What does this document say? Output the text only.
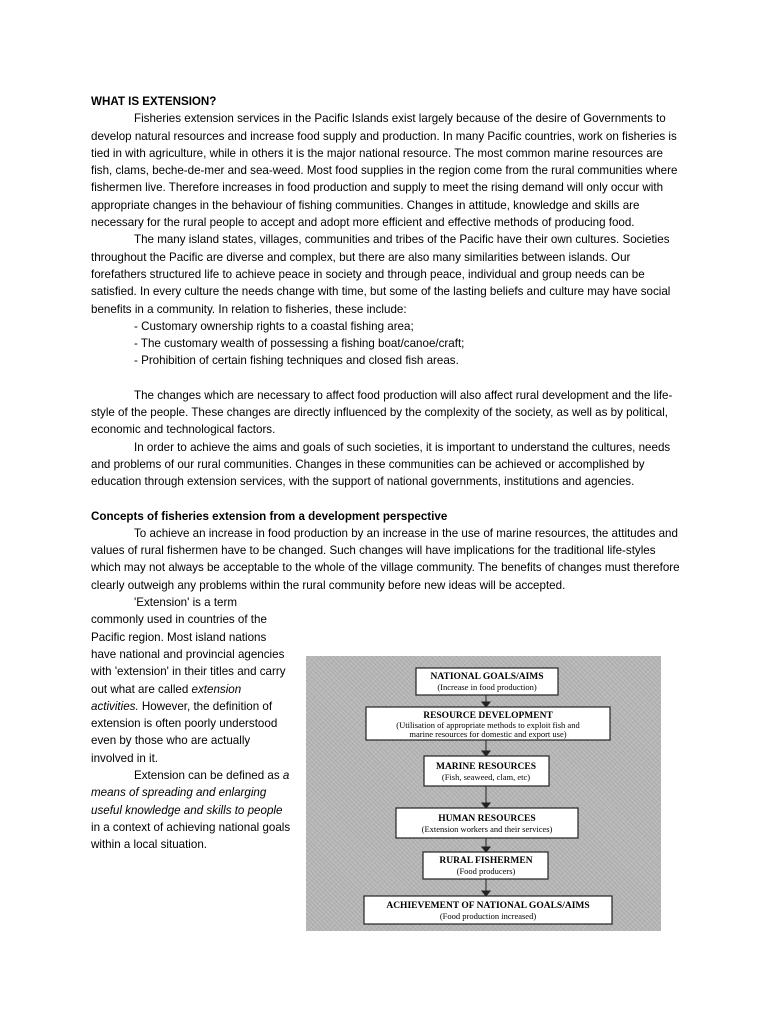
WHAT IS EXTENSION?

Fisheries extension services in the Pacific Islands exist largely because of the desire of Governments to develop natural resources and increase food supply and production. In many Pacific countries, work on fisheries is tied in with agriculture, while in others it is the major national resource. The most common marine resources are fish, clams, beche-de-mer and sea-weed. Most food supplies in the region come from the rural communities where fishermen live. Therefore increases in food production and supply to meet the rising demand will only occur with appropriate changes in the behaviour of fishing communities. Changes in attitude, knowledge and skills are necessary for the rural people to accept and adopt more efficient and effective methods of producing food.

The many island states, villages, communities and tribes of the Pacific have their own cultures. Societies throughout the Pacific are diverse and complex, but there are also many similarities between islands. Our forefathers structured life to achieve peace in society and through peace, individual and group needs can be satisfied. In every culture the needs change with time, but some of the lasting beliefs and culture may have social benefits in a community. In relation to fisheries, these include:

- Customary ownership rights to a coastal fishing area;

- The customary wealth of possessing a fishing boat/canoe/craft;

- Prohibition of certain fishing techniques and closed fish areas.

The changes which are necessary to affect food production will also affect rural development and the life-style of the people. These changes are directly influenced by the complexity of the society, as well as by political, economic and technological factors.

In order to achieve the aims and goals of such societies, it is important to understand the cultures, needs and problems of our rural communities. Changes in these communities can be achieved or accomplished by education through extension services, with the support of national governments, institutions and agencies.

Concepts of fisheries extension from a development perspective

To achieve an increase in food production by an increase in the use of marine resources, the attitudes and values of rural fishermen have to be changed. Such changes will have implications for the traditional life-styles which may not always be acceptable to the whole of the village community. The benefits of changes must therefore clearly outweigh any problems within the rural community before new ideas will be accepted.

'Extension' is a term commonly used in countries of the Pacific region. Most island nations have national and provincial agencies with 'extension' in their titles and carry out what are called extension activities. However, the definition of extension is often poorly understood even by those who are actually involved in it.

Extension can be defined as a means of spreading and enlarging useful knowledge and skills to people in a context of achieving national goals within a local situation.

NATIONAL GOALS/AIMS
(Increase in food production)
RESOURCE DEVELOPMENT
(Utilisation of appropriate methods to exploit fish and
marine resources for domestic and export use)
MARINE RESOURCES
(Fish, seaweed, clam, etc)
HUMAN RESOURCES
(Extension workers and their services)
RURAL FISHERMEN
(Food producers)
ACHIEVEMENT OF NATIONAL GOALS/AIMS
(Food production increased)
